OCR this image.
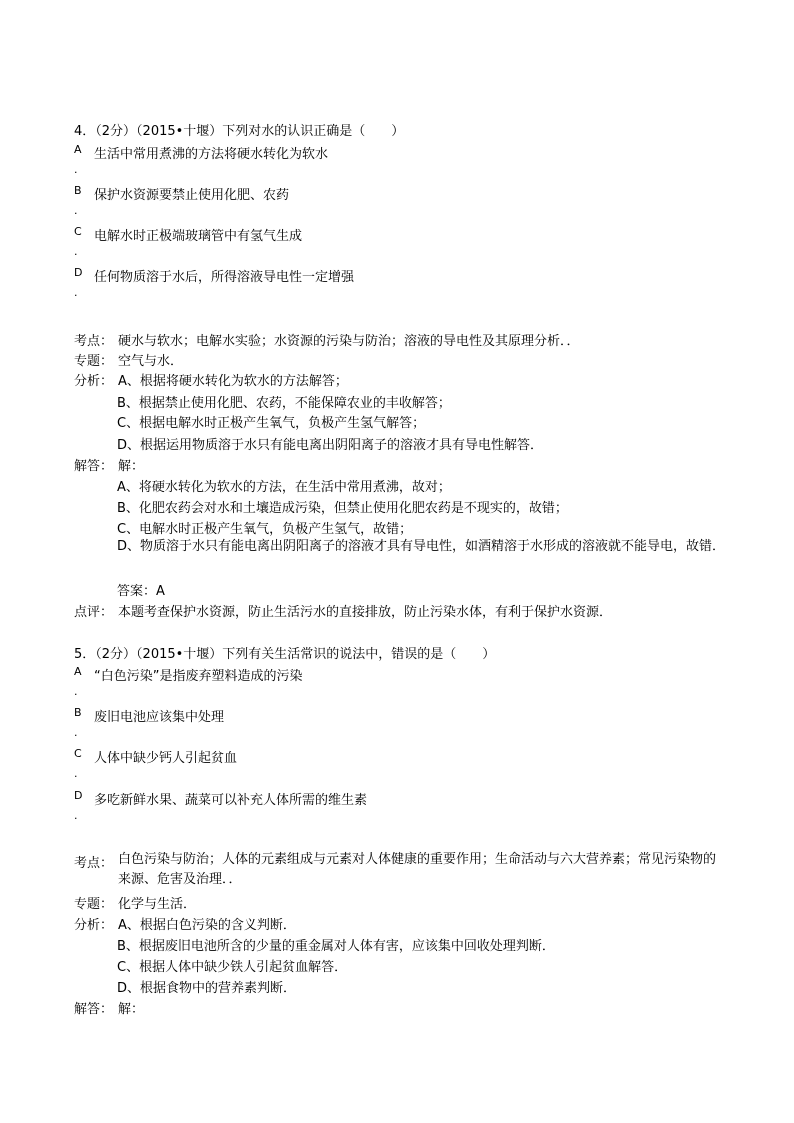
4．（2分）（2015•十堰）下列对水的认识正确是（　　）
A
.
生活中常用煮沸的方法将硬水转化为软水
B
.
保护水资源要禁止使用化肥、农药
C
.
电解水时正极端玻璃管中有氢气生成
D
.
任何物质溶于水后，所得溶液导电性一定增强
考点： 硬水与软水；电解水实验；水资源的污染与防治；溶液的导电性及其原理分析．．
专题： 空气与水．
分析： A、根据将硬水转化为软水的方法解答；
B、根据禁止使用化肥、农药，不能保障农业的丰收解答；
C、根据电解水时正极产生氧气，负极产生氢气解答；
D、根据运用物质溶于水只有能电离出阴阳离子的溶液才具有导电性解答．
解答： 解：
A、将硬水转化为软水的方法，在生活中常用煮沸，故对；
B、化肥农药会对水和土壤造成污染，但禁止使用化肥农药是不现实的，故错；
C、电解水时正极产生氧气，负极产生氢气，故错；
D、物质溶于水只有能电离出阴阳离子的溶液才具有导电性，如酒精溶于水形成的溶液就不能导电，故错．
答案：A
点评： 本题考查保护水资源，防止生活污水的直接排放，防止污染水体，有利于保护水资源．
5．（2分）（2015•十堰）下列有关生活常识的说法中，错误的是（　　）
A
.
“白色污染”是指废弃塑料造成的污染
B
.
废旧电池应该集中处理
C
.
人体中缺少钙人引起贫血
D
.
多吃新鲜水果、蔬菜可以补充人体所需的维生素
考点： 白色污染与防治；人体的元素组成与元素对人体健康的重要作用；生命活动与六大营养素；常见污染物的来源、危害及治理．．
专题： 化学与生活．
分析： A、根据白色污染的含义判断．
B、根据废旧电池所含的少量的重金属对人体有害，应该集中回收处理判断．
C、根据人体中缺少铁人引起贫血解答．
D、根据食物中的营养素判断．
解答： 解：
